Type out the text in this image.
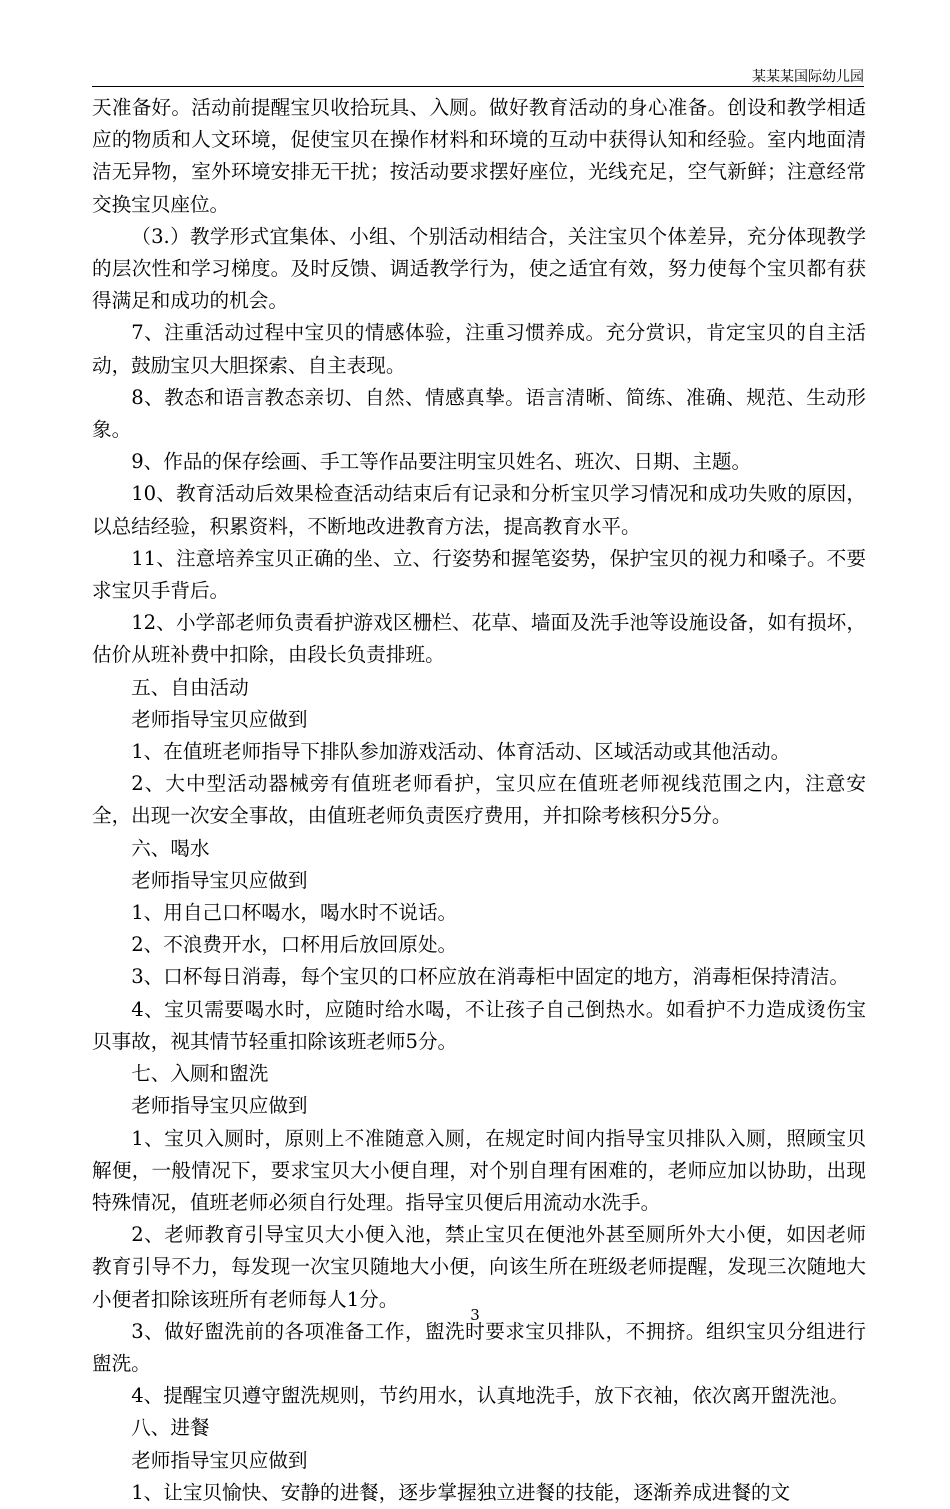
某某某国际幼儿园

天准备好。活动前提醒宝贝收拾玩具、入厕。做好教育活动的身心准备。创设和教学相适应的物质和人文环境，促使宝贝在操作材料和环境的互动中获得认知和经验。室内地面清洁无异物，室外环境安排无干扰；按活动要求摆好座位，光线充足，空气新鲜；注意经常交换宝贝座位。

（3.）教学形式宜集体、小组、个别活动相结合，关注宝贝个体差异，充分体现教学的层次性和学习梯度。及时反馈、调适教学行为，使之适宜有效，努力使每个宝贝都有获得满足和成功的机会。

7、注重活动过程中宝贝的情感体验，注重习惯养成。充分赏识，肯定宝贝的自主活动，鼓励宝贝大胆探索、自主表现。

8、教态和语言教态亲切、自然、情感真挚。语言清晰、简练、准确、规范、生动形象。

9、作品的保存绘画、手工等作品要注明宝贝姓名、班次、日期、主题。

10、教育活动后效果检查活动结束后有记录和分析宝贝学习情况和成功失败的原因，以总结经验，积累资料，不断地改进教育方法，提高教育水平。

11、注意培养宝贝正确的坐、立、行姿势和握笔姿势，保护宝贝的视力和嗓子。不要求宝贝手背后。

12、小学部老师负责看护游戏区栅栏、花草、墙面及洗手池等设施设备，如有损坏，估价从班补费中扣除，由段长负责排班。

五、自由活动

老师指导宝贝应做到

1、在值班老师指导下排队参加游戏活动、体育活动、区域活动或其他活动。

2、大中型活动器械旁有值班老师看护，宝贝应在值班老师视线范围之内，注意安全，出现一次安全事故，由值班老师负责医疗费用，并扣除考核积分5分。

六、喝水

老师指导宝贝应做到

1、用自己口杯喝水，喝水时不说话。

2、不浪费开水，口杯用后放回原处。

3、口杯每日消毒，每个宝贝的口杯应放在消毒柜中固定的地方，消毒柜保持清洁。

4、宝贝需要喝水时，应随时给水喝，不让孩子自己倒热水。如看护不力造成烫伤宝贝事故，视其情节轻重扣除该班老师5分。

七、入厕和盥洗

老师指导宝贝应做到

1、宝贝入厕时，原则上不准随意入厕，在规定时间内指导宝贝排队入厕，照顾宝贝解便，一般情况下，要求宝贝大小便自理，对个别自理有困难的，老师应加以协助，出现特殊情况，值班老师必须自行处理。指导宝贝便后用流动水洗手。

2、老师教育引导宝贝大小便入池，禁止宝贝在便池外甚至厕所外大小便，如因老师教育引导不力，每发现一次宝贝随地大小便，向该生所在班级老师提醒，发现三次随地大小便者扣除该班所有老师每人1分。

3、做好盥洗前的各项准备工作，盥洗时要求宝贝排队，不拥挤。组织宝贝分组进行盥洗。

4、提醒宝贝遵守盥洗规则，节约用水，认真地洗手，放下衣袖，依次离开盥洗池。

八、进餐

老师指导宝贝应做到

1、让宝贝愉快、安静的进餐，逐步掌握独立进餐的技能，逐渐养成进餐的文

3
